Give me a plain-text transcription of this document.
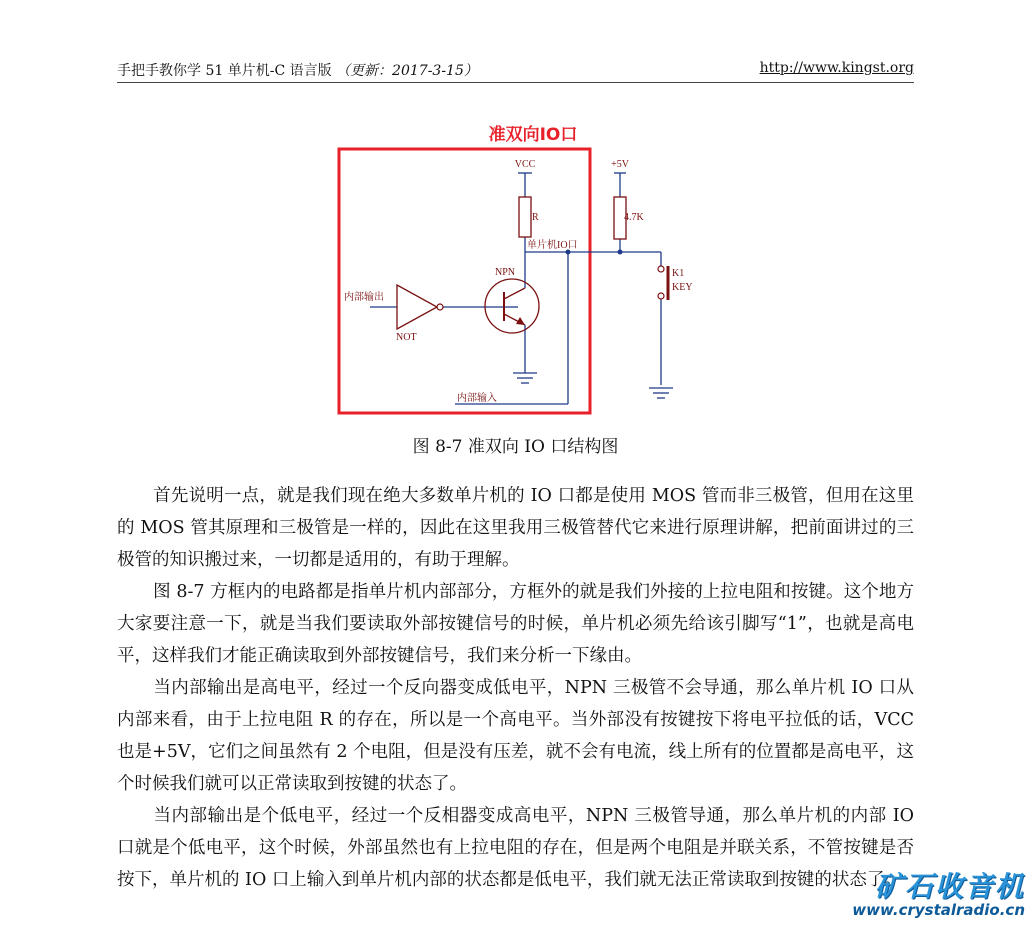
手把手教你学 51 单片机-C 语言版 （更新：2017-3-15）	http://www.kingst.org
准双向IO口
VCC	+5V
R	4.7K
单片机IO口
NPN
内部输出
NOT
内部输入
K1
KEY
图 8-7 准双向 IO 口结构图
首先说明一点，就是我们现在绝大多数单片机的 IO 口都是使用 MOS 管而非三极管，但用在这里的 MOS 管其原理和三极管是一样的，因此在这里我用三极管替代它来进行原理讲解，把前面讲过的三极管的知识搬过来，一切都是适用的，有助于理解。
图 8-7 方框内的电路都是指单片机内部部分，方框外的就是我们外接的上拉电阻和按键。这个地方大家要注意一下，就是当我们要读取外部按键信号的时候，单片机必须先给该引脚写“1”，也就是高电平，这样我们才能正确读取到外部按键信号，我们来分析一下缘由。
当内部输出是高电平，经过一个反向器变成低电平，NPN 三极管不会导通，那么单片机 IO 口从内部来看，由于上拉电阻 R 的存在，所以是一个高电平。当外部没有按键按下将电平拉低的话，VCC 也是+5V，它们之间虽然有 2 个电阻，但是没有压差，就不会有电流，线上所有的位置都是高电平，这个时候我们就可以正常读取到按键的状态了。
当内部输出是个低电平，经过一个反相器变成高电平，NPN 三极管导通，那么单片机的内部 IO 口就是个低电平，这个时候，外部虽然也有上拉电阻的存在，但是两个电阻是并联关系，不管按键是否按下，单片机的 IO 口上输入到单片机内部的状态都是低电平，我们就无法正常读取到按键的状态了。
矿石收音机
www.crystalradio.cn
